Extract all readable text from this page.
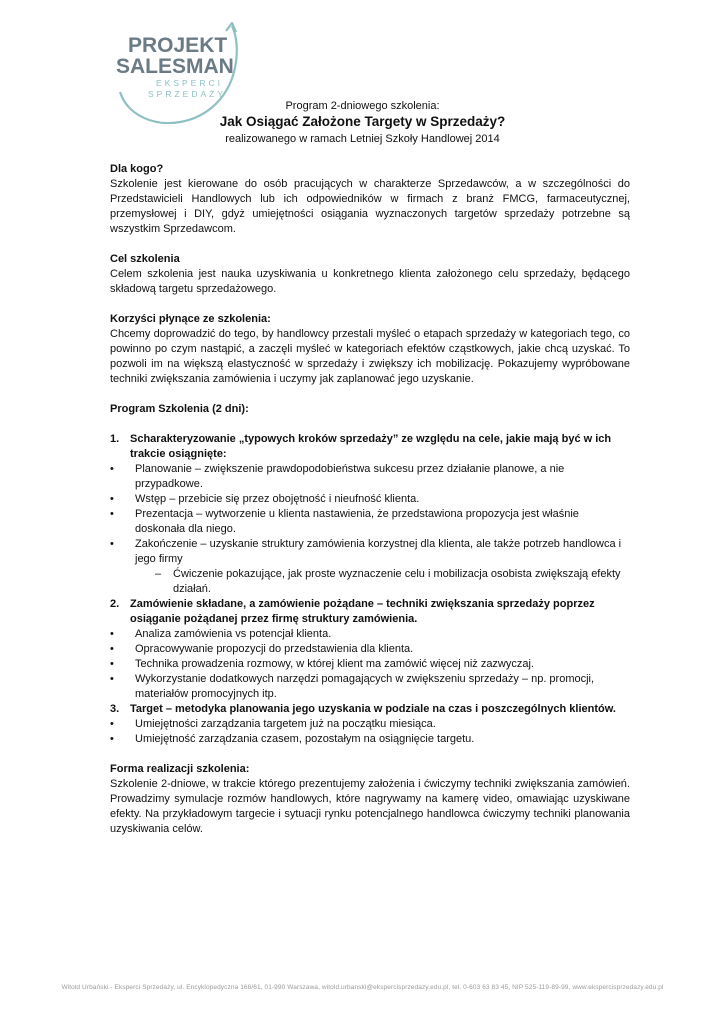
PROJEKT
SALESMAN
EKSPERCI
SPRZEDAŻY
Program 2-dniowego szkolenia:
Jak Osiągać Założone Targety w Sprzedaży?
realizowanego w ramach Letniej Szkoły Handlowej 2014
Dla kogo?
Szkolenie jest kierowane do osób pracujących w charakterze Sprzedawców, a w szczególności do Przedstawicieli Handlowych lub ich odpowiedników w firmach z branż FMCG, farmaceutycznej, przemysłowej i DIY, gdyż umiejętności osiągania wyznaczonych targetów sprzedaży potrzebne są wszystkim Sprzedawcom.
Cel szkolenia
Celem szkolenia jest nauka uzyskiwania u konkretnego klienta założonego celu sprzedaży, będącego składową targetu sprzedażowego.
Korzyści płynące ze szkolenia:
Chcemy doprowadzić do tego, by handlowcy przestali myśleć o etapach sprzedaży w kategoriach tego, co powinno po czym nastąpić, a zaczęli myśleć w kategoriach efektów cząstkowych, jakie chcą uzyskać. To pozwoli im na większą elastyczność w sprzedaży i zwiększy ich mobilizację. Pokazujemy wypróbowane techniki zwiększania zamówienia i uczymy jak zaplanować jego uzyskanie.
Program Szkolenia (2 dni):
1. Scharakteryzowanie „typowych kroków sprzedaży” ze względu na cele, jakie mają być w ich trakcie osiągnięte:
• Planowanie – zwiększenie prawdopodobieństwa sukcesu przez działanie planowe, a nie przypadkowe.
• Wstęp – przebicie się przez obojętność i nieufność klienta.
• Prezentacja – wytworzenie u klienta nastawienia, że przedstawiona propozycja jest właśnie doskonała dla niego.
• Zakończenie – uzyskanie struktury zamówienia korzystnej dla klienta, ale także potrzeb handlowca i jego firmy
– Ćwiczenie pokazujące, jak proste wyznaczenie celu i mobilizacja osobista zwiększają efekty działań.
2. Zamówienie składane, a zamówienie pożądane – techniki zwiększania sprzedaży poprzez osiąganie pożądanej przez firmę struktury zamówienia.
• Analiza zamówienia vs potencjał klienta.
• Opracowywanie propozycji do przedstawienia dla klienta.
• Technika prowadzenia rozmowy, w której klient ma zamówić więcej niż zazwyczaj.
• Wykorzystanie dodatkowych narzędzi pomagających w zwiększeniu sprzedaży – np. promocji, materiałów promocyjnych itp.
3. Target – metodyka planowania jego uzyskania w podziale na czas i poszczególnych klientów.
• Umiejętności zarządzania targetem już na początku miesiąca.
• Umiejętność zarządzania czasem, pozostałym na osiągnięcie targetu.
Forma realizacji szkolenia:
Szkolenie 2-dniowe, w trakcie którego prezentujemy założenia i ćwiczymy techniki zwiększania zamówień. Prowadzimy symulacje rozmów handlowych, które nagrywamy na kamerę video, omawiając uzyskiwane efekty. Na przykładowym targecie i sytuacji rynku potencjalnego handlowca ćwiczymy techniki planowania uzyskiwania celów.
Witold Urbański - Eksperci Sprzedaży, ul. Encyklopedyczna 168/61, 01-990 Warszawa, witold.urbanski@ekspercisprzedazy.edu.pl, tel. 0-603 63 83 45, NIP 525-119-89-99, www.ekspercisprzedazy.edu.pl
